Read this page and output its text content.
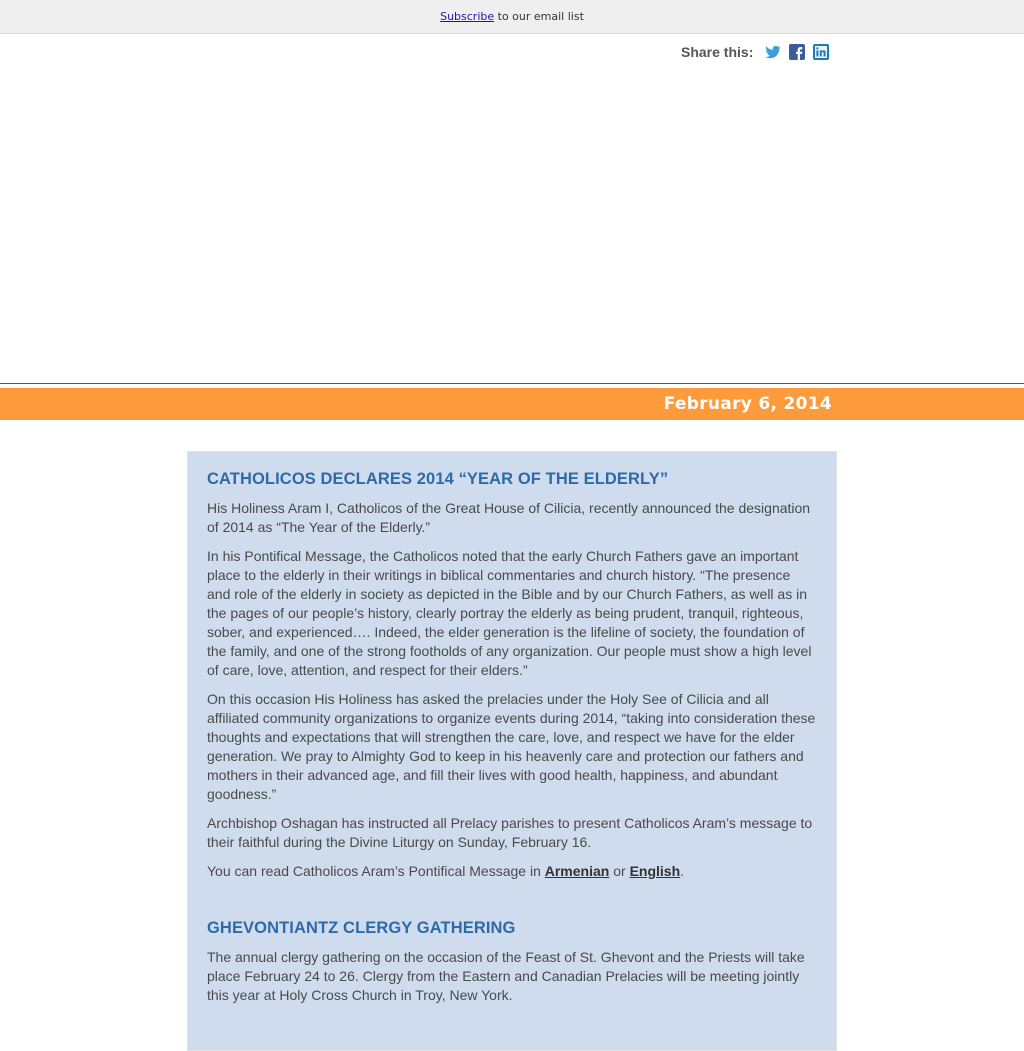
Subscribe to our email list
Share this:
February 6, 2014
CATHOLICOS DECLARES 2014 “YEAR OF THE ELDERLY”

His Holiness Aram I, Catholicos of the Great House of Cilicia, recently announced the designation of 2014 as “The Year of the Elderly.”

In his Pontifical Message, the Catholicos noted that the early Church Fathers gave an important place to the elderly in their writings in biblical commentaries and church history. “The presence and role of the elderly in society as depicted in the Bible and by our Church Fathers, as well as in the pages of our people’s history, clearly portray the elderly as being prudent, tranquil, righteous, sober, and experienced…. Indeed, the elder generation is the lifeline of society, the foundation of the family, and one of the strong footholds of any organization. Our people must show a high level of care, love, attention, and respect for their elders.”

On this occasion His Holiness has asked the prelacies under the Holy See of Cilicia and all affiliated community organizations to organize events during 2014, “taking into consideration these thoughts and expectations that will strengthen the care, love, and respect we have for the elder generation. We pray to Almighty God to keep in his heavenly care and protection our fathers and mothers in their advanced age, and fill their lives with good health, happiness, and abundant goodness.”

Archbishop Oshagan has instructed all Prelacy parishes to present Catholicos Aram’s message to their faithful during the Divine Liturgy on Sunday, February 16.

You can read Catholicos Aram’s Pontifical Message in Armenian or English.

GHEVONTIANTZ CLERGY GATHERING

The annual clergy gathering on the occasion of the Feast of St. Ghevont and the Priests will take place February 24 to 26. Clergy from the Eastern and Canadian Prelacies will be meeting jointly this year at Holy Cross Church in Troy, New York.
